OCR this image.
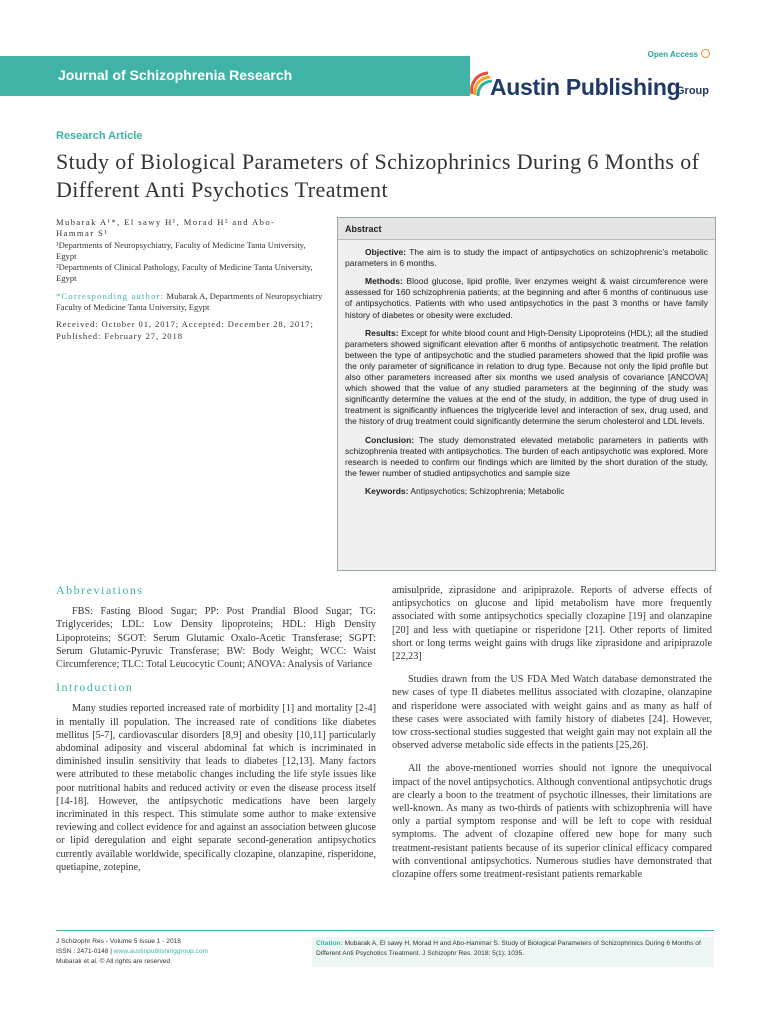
Open Access
Journal of Schizophrenia Research	Austin Publishing
Group
Research Article
Study of Biological Parameters of Schizophrinics During 6 Months of Different Anti Psychotics Treatment

Mubarak A¹*, El sawy H¹, Morad H² and Abo-

Hammar S¹

¹Departments of Neuropsychiatry, Faculty of Medicine Tanta University, Egypt

²Departments of Clinical Pathology, Faculty of Medicine Tanta University, Egypt

*Corresponding author: Mubarak A, Departments of Neuropsychiatry Faculty of Medicine Tanta University, Egypt

Received: October 01, 2017; Accepted: December 28, 2017; Published: February 27, 2018

Abstract

Objective: The aim is to study the impact of antipsychotics on schizophrenic’s metabolic parameters in 6 months.

Methods: Blood glucose, lipid profile, liver enzymes weight & waist circumference were assessed for 160 schizophrenia patients; at the beginning and after 6 months of continuous use of antipsychotics. Patients with who used antipsychotics in the past 3 months or have family history of diabetes or obesity were excluded.

Results: Except for white blood count and High-Density Lipoproteins (HDL); all the studied parameters showed significant elevation after 6 months of antipsychotic treatment. The relation between the type of antipsychotic and the studied parameters showed that the lipid profile was the only parameter of significance in relation to drug type. Because not only the lipid profile but also other parameters increased after six months we used analysis of covariance [ANCOVA] which showed that the value of any studied parameters at the beginning of the study was significantly determine the values at the end of the study, in addition, the type of drug used in treatment is significantly influences the triglyceride level and interaction of sex, drug used, and the history of drug treatment could significantly determine the serum cholesterol and LDL levels.

Conclusion: The study demonstrated elevated metabolic parameters in patients with schizophrenia treated with antipsychotics. The burden of each antipsychotic was explored. More research is needed to confirm our findings which are limited by the short duration of the study, the fewer number of studied antipsychotics and sample size

Keywords: Antipsychotics; Schizophrenia; Metabolic

Abbreviations

FBS: Fasting Blood Sugar; PP: Post Prandial Blood Sugar; TG: Triglycerides; LDL: Low Density lipoproteins; HDL: High Density Lipoproteins; SGOT: Serum Glutamic Oxalo-Acetic Transferase; SGPT: Serum Glutamic-Pyruvic Transferase; BW: Body Weight; WCC: Waist Circumference; TLC: Total Leucocytic Count; ANOVA: Analysis of Variance

Introduction

Many studies reported increased rate of morbidity [1] and mortality [2-4] in mentally ill population. The increased rate of conditions like diabetes mellitus [5-7], cardiovascular disorders [8,9] and obesity [10,11] particularly abdominal adiposity and visceral abdominal fat which is incriminated in diminished insulin sensitivity that leads to diabetes [12,13]. Many factors were attributed to these metabolic changes including the life style issues like poor nutritional habits and reduced activity or even the disease process itself [14-18]. However, the antipsychotic medications have been largely incriminated in this respect. This stimulate some author to make extensive reviewing and collect evidence for and against an association between glucose or lipid deregulation and eight separate second-generation antipsychotics currently available worldwide, specifically clozapine, olanzapine, risperidone, quetiapine, zotepine,

amisulpride, ziprasidone and aripiprazole. Reports of adverse effects of antipsychotics on glucose and lipid metabolism have more frequently associated with some antipsychotics specially clozapine [19] and olanzapine [20] and less with quetiapine or risperidone [21]. Other reports of limited short or long terms weight gains with drugs like ziprasidone and aripiprazole [22,23]

Studies drawn from the US FDA Med Watch database demonstrated the new cases of type II diabetes mellitus associated with clozapine, olanzapine and risperidone were associated with weight gains and as many as half of these cases were associated with family history of diabetes [24]. However, tow cross-sectional studies suggested that weight gain may not explain all the observed adverse metabolic side effects in the patients [25,26].

All the above-mentioned worries should not ignore the unequivocal impact of the novel antipsychotics. Although conventional antipsychotic drugs are clearly a boon to the treatment of psychotic illnesses, their limitations are well-known. As many as two-thirds of patients with schizophrenia will have only a partial symptom response and will be left to cope with residual symptoms. The advent of clozapine offered new hope for many such treatment-resistant patients because of its superior clinical efficacy compared with conventional antipsychotics. Numerous studies have demonstrated that clozapine offers some treatment-resistant patients remarkable

J Schizophr Res - Volume 5 Issue 1 - 2018
ISSN : 2471-0148 | www.austinpublishinggroup.com
Mubarak et al. © All rights are reserved
Citation: Mubarak A, El sawy H, Morad H and Abo-Hammar S. Study of Biological Parameters of Schizophrinics During 6 Months of Different Anti Psychotics Treatment. J Schizophr Res. 2018; 5(1): 1035.
